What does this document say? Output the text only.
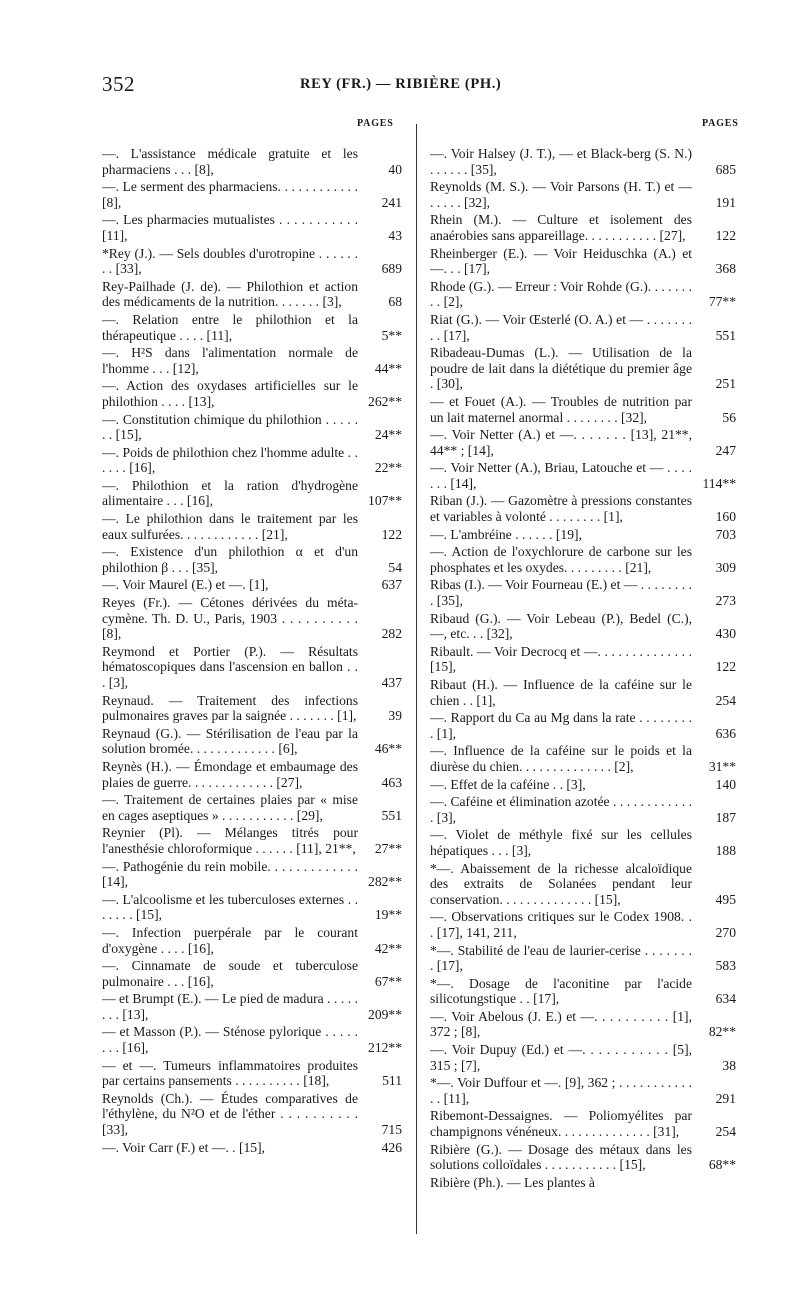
352	REY (FR.) — RIBIÈRE (PH.)
PAGES
—. L'assistance médicale gratuite et les pharmaciens . . . [8],	40
—. Le serment des pharmaciens. . . . . . . . . . . . [8],	241
—. Les pharmacies mutualistes . . . . . . . . . . . [11],	43
*Rey (J.). — Sels doubles d'urotropine . . . . . . . . [33],	689
Rey-Pailhade (J. de). — Philothion et action des médicaments de la nutrition. . . . . . . [3],	68
—. Relation entre le philothion et la thérapeutique . . . . [11],	5**
—. H²S dans l'alimentation normale de l'homme . . . [12],	44**
—. Action des oxydases artificielles sur le philothion . . . . [13],	262**
—. Constitution chimique du philothion . . . . . . . [15],	24**
—. Poids de philothion chez l'homme adulte . . . . . . [16],	22**
—. Philothion et la ration d'hydrogène alimentaire . . . [16],	107**
—. Le philothion dans le traitement par les eaux sulfurées. . . . . . . . . . . . [21],	122
—. Existence d'un philothion α et d'un philothion β . . . [35],	54
—. Voir Maurel (E.) et —. [1],	637
Reyes (Fr.). — Cétones dérivées du méta-cymène. Th. D. U., Paris, 1903 . . . . . . . . . . [8],	282
Reymond et Portier (P.). — Résultats hématoscopiques dans l'ascension en ballon . . . [3],	437
Reynaud. — Traitement des infections pulmonaires graves par la saignée . . . . . . . [1],	39
Reynaud (G.). — Stérilisation de l'eau par la solution bromée. . . . . . . . . . . . . [6],	46**
Reynès (H.). — Émondage et embaumage des plaies de guerre. . . . . . . . . . . . . [27],	463
—. Traitement de certaines plaies par « mise en cages aseptiques » . . . . . . . . . . . [29],	551
Reynier (Pl). — Mélanges titrés pour l'anesthésie chloroformique . . . . . . [11], 21**,	27**
—. Pathogénie du rein mobile. . . . . . . . . . . . . [14],	282**
—. L'alcoolisme et les tuberculoses externes . . . . . . . [15],	19**
—. Infection puerpérale par le courant d'oxygène . . . . [16],	42**
—. Cinnamate de soude et tuberculose pulmonaire . . . [16],	67**
— et Brumpt (E.). — Le pied de madura . . . . . . . . [13],	209**
— et Masson (P.). — Sténose pylorique . . . . . . . . [16],	212**
— et —. Tumeurs inflammatoires produites par certains pansements . . . . . . . . . . [18],	511
Reynolds (Ch.). — Études comparatives de l'éthylène, du N²O et de l'éther . . . . . . . . . . [33],	715
—. Voir Carr (F.) et —. . [15],	426
PAGES
—. Voir Halsey (J. T.), — et Black-berg (S. N.) . . . . . . [35],	685
Reynolds (M. S.). — Voir Parsons (H. T.) et — . . . . . [32],	191
Rhein (M.). — Culture et isolement des anaérobies sans appareillage. . . . . . . . . . . [27],	122
Rheinberger (E.). — Voir Heiduschka (A.) et —. . . [17],	368
Rhode (G.). — Erreur : Voir Rohde (G.). . . . . . . . . [2],	77**
Riat (G.). — Voir Œsterlé (O. A.) et — . . . . . . . . . [17],	551
Ribadeau-Dumas (L.). — Utilisation de la poudre de lait dans la diététique du premier âge . [30],	251
— et Fouet (A.). — Troubles de nutrition par un lait maternel anormal . . . . . . . . [32],	56
—. Voir Netter (A.) et —. . . . . . . [13], 21**, 44** ; [14],	247
—. Voir Netter (A.), Briau, Latouche et — . . . . . . . [14],	114**
Riban (J.). — Gazomètre à pressions constantes et variables à volonté . . . . . . . . [1],	160
—. L'ambréine . . . . . . [19],	703
—. Action de l'oxychlorure de carbone sur les phosphates et les oxydes. . . . . . . . . [21],	309
Ribas (I.). — Voir Fourneau (E.) et — . . . . . . . . . [35],	273
Ribaud (G.). — Voir Lebeau (P.), Bedel (C.), —, etc. . . [32],	430
Ribault. — Voir Decrocq et —. . . . . . . . . . . . . . [15],	122
Ribaut (H.). — Influence de la caféine sur le chien . . [1],	254
—. Rapport du Ca au Mg dans la rate . . . . . . . . . [1],	636
—. Influence de la caféine sur le poids et la diurèse du chien. . . . . . . . . . . . . . [2],	31**
—. Effet de la caféine . . [3],	140
—. Caféine et élimination azotée . . . . . . . . . . . . . [3],	187
—. Violet de méthyle fixé sur les cellules hépatiques . . . [3],	188
*—. Abaissement de la richesse alcaloïdique des extraits de Solanées pendant leur conservation. . . . . . . . . . . . . . [15],	495
—. Observations critiques sur le Codex 1908. . . [17], 141, 211,	270
*—. Stabilité de l'eau de laurier-cerise . . . . . . . . [17],	583
*—. Dosage de l'aconitine par l'acide silicotungstique . . [17],	634
—. Voir Abelous (J. E.) et —. . . . . . . . . . [1], 372 ; [8],	82**
—. Voir Dupuy (Ed.) et —. . . . . . . . . . . [5], 315 ; [7],	38
*—. Voir Duffour et —. [9], 362 ; . . . . . . . . . . . . . [11],	291
Ribemont-Dessaignes. — Poliomyélites par champignons vénéneux. . . . . . . . . . . . . . [31],	254
Ribière (G.). — Dosage des métaux dans les solutions colloïdales . . . . . . . . . . . [15],	68**
Ribière (Ph.). — Les plantes à
